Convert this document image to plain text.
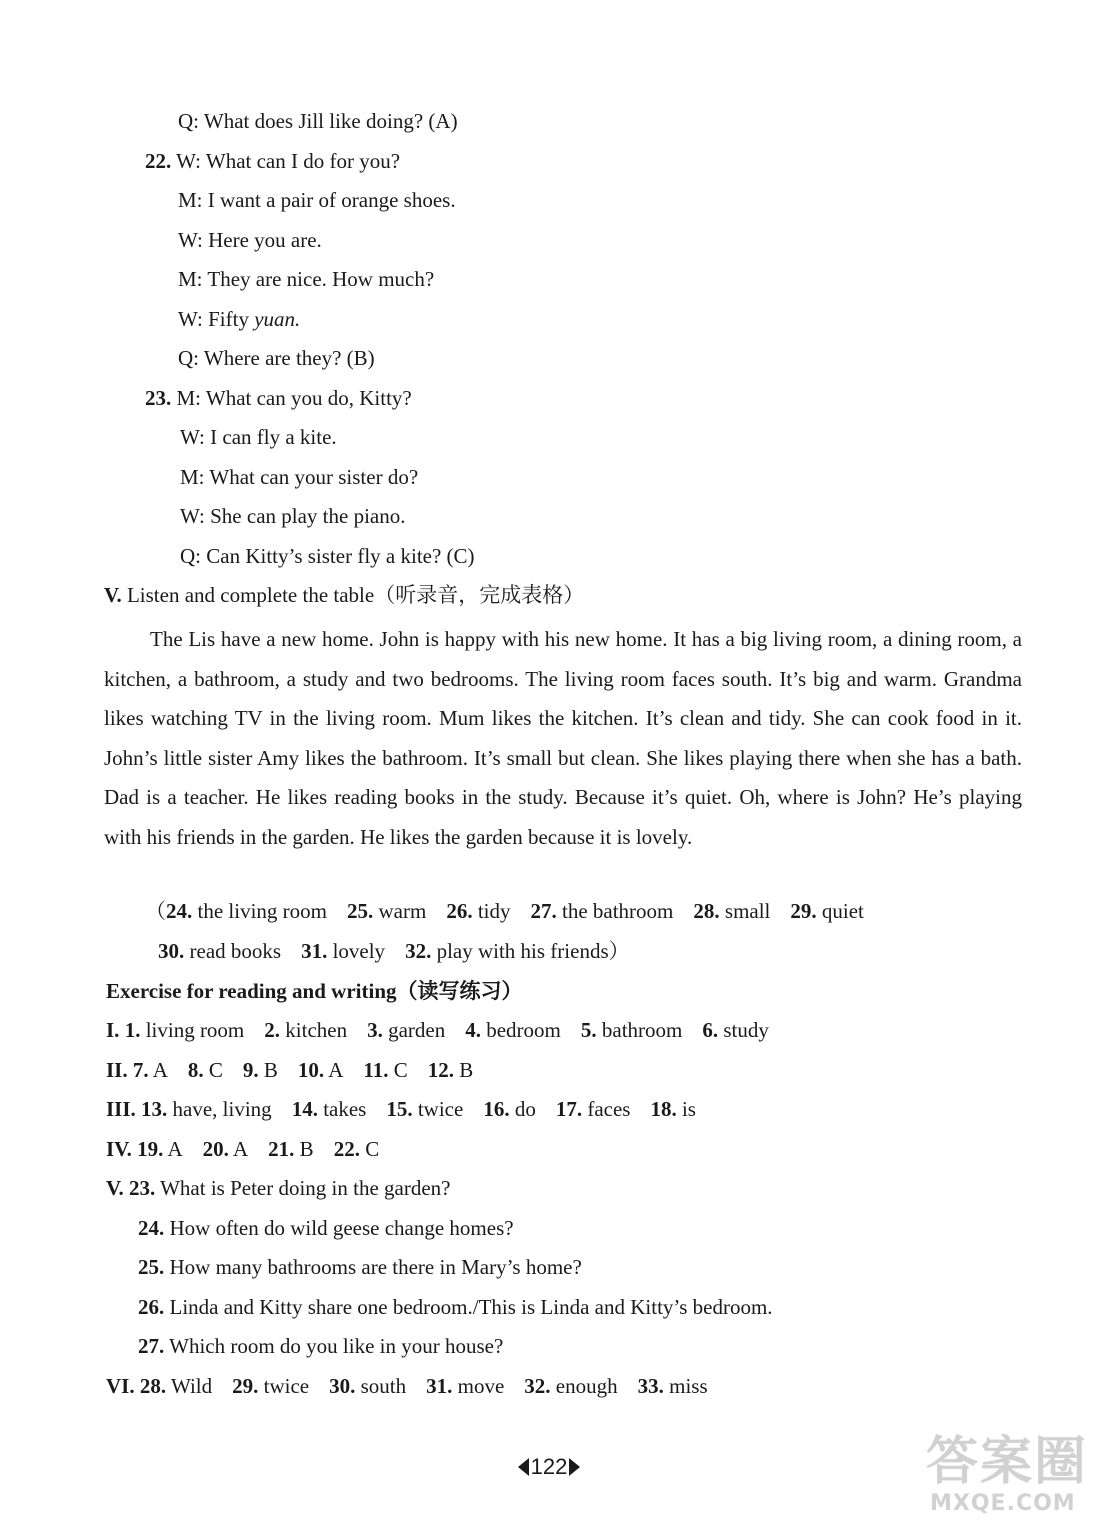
Q: What does Jill like doing? (A)
22. W: What can I do for you?
M: I want a pair of orange shoes.
W: Here you are.
M: They are nice. How much?
W: Fifty yuan.
Q: Where are they? (B)
23. M: What can you do, Kitty?
W: I can fly a kite.
M: What can your sister do?
W: She can play the piano.
Q: Can Kitty’s sister fly a kite? (C)
V. Listen and complete the table（听录音，完成表格）
The Lis have a new home. John is happy with his new home. It has a big living room, a dining room, a kitchen, a bathroom, a study and two bedrooms. The living room faces south. It’s big and warm. Grandma likes watching TV in the living room. Mum likes the kitchen. It’s clean and tidy. She can cook food in it. John’s little sister Amy likes the bathroom. It’s small but clean. She likes playing there when she has a bath. Dad is a teacher. He likes reading books in the study. Because it’s quiet. Oh, where is John? He’s playing with his friends in the garden. He likes the garden because it is lovely.
（24. the living room 25. warm 26. tidy 27. the bathroom 28. small 29. quiet
30. read books 31. lovely 32. play with his friends）
Exercise for reading and writing（读写练习）
I. 1. living room 2. kitchen 3. garden 4. bedroom 5. bathroom 6. study
II. 7. A 8. C 9. B 10. A 11. C 12. B
III. 13. have, living 14. takes 15. twice 16. do 17. faces 18. is
IV. 19. A 20. A 21. B 22. C
V. 23. What is Peter doing in the garden?
24. How often do wild geese change homes?
25. How many bathrooms are there in Mary’s home?
26. Linda and Kitty share one bedroom./This is Linda and Kitty’s bedroom.
27. Which room do you like in your house?
VI. 28. Wild 29. twice 30. south 31. move 32. enough 33. miss
122	答案圈
MXQE.COM
